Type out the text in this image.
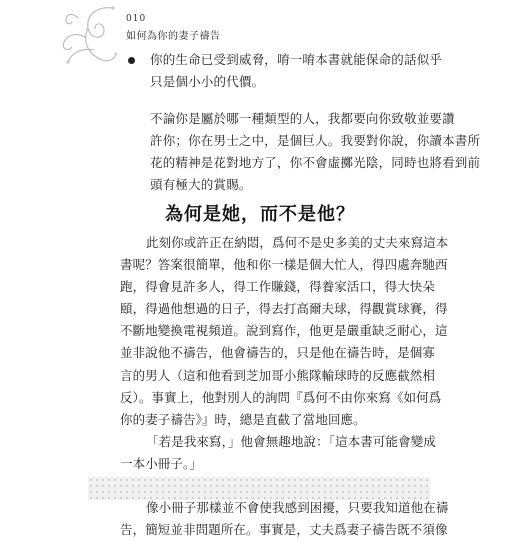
010
如何為你的妻子禱告
你的生命已受到威脅，唷一唷本書就能保命的話似乎
只是個小小的代價。
不論你是屬於哪一種類型的人，我都要向你致敬並要讚
許你；你在男士之中，是個巨人。我要對你說，你讀本書所
花的精神是花對地方了，你不會虛擲光陰，同時也將看到前
頭有極大的賞賜。
為何是她，而不是他？
此刻你或許正在納悶，爲何不是史多美的丈夫來寫這本
書呢？答案很簡單，他和你一樣是個大忙人，得四處奔馳西
跑，得會見許多人，得工作賺錢，得養家活口，得大快朵
頤，得過他想過的日子，得去打高爾夫球，得觀賞球賽，得
不斷地變換電視頻道。說到寫作，他更是嚴重缺乏耐心，這
並非說他不禱告，他會禱告的，只是他在禱告時，是個寡
言的男人（這和他看到芝加哥小熊隊輸球時的反應截然相
反）。事實上，他對別人的詢問『爲何不由你來寫《如何爲
你的妻子禱告》』時，總是直截了當地回應。
「若是我來寫，」他會無趣地說：「這本書可能會變成
一本小冊子。」
像小冊子那樣並不會使我感到困擾，只要我知道他在禱
告，簡短並非問題所在。事實是，丈夫爲妻子禱告既不須像
